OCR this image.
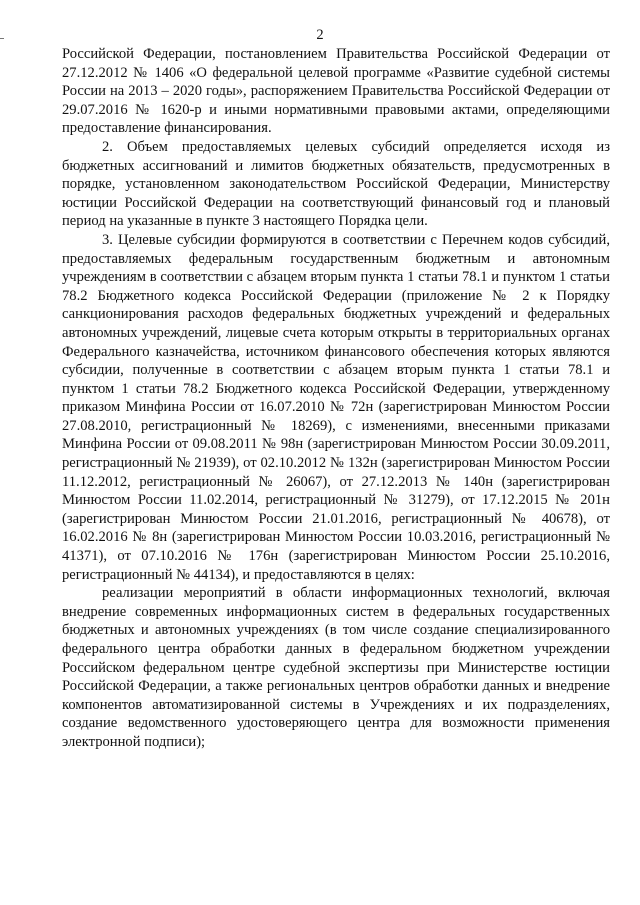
2

Российской Федерации, постановлением Правительства Российской Федерации от 27.12.2012 № 1406 «О федеральной целевой программе «Развитие судебной системы России на 2013 – 2020 годы», распоряжением Правительства Российской Федерации от 29.07.2016 № 1620-р и иными нормативными правовыми актами, определяющими предоставление финансирования.

2. Объем предоставляемых целевых субсидий определяется исходя из бюджетных ассигнований и лимитов бюджетных обязательств, предусмотренных в порядке, установленном законодательством Российской Федерации, Министерству юстиции Российской Федерации на соответствующий финансовый год и плановый период на указанные в пункте 3 настоящего Порядка цели.

3. Целевые субсидии формируются в соответствии с Перечнем кодов субсидий, предоставляемых федеральным государственным бюджетным и автономным учреждениям в соответствии с абзацем вторым пункта 1 статьи 78.1 и пунктом 1 статьи 78.2 Бюджетного кодекса Российской Федерации (приложение № 2 к Порядку санкционирования расходов федеральных бюджетных учреждений и федеральных автономных учреждений, лицевые счета которым открыты в территориальных органах Федерального казначейства, источником финансового обеспечения которых являются субсидии, полученные в соответствии с абзацем вторым пункта 1 статьи 78.1 и пунктом 1 статьи 78.2 Бюджетного кодекса Российской Федерации, утвержденному приказом Минфина России от 16.07.2010 № 72н (зарегистрирован Минюстом России 27.08.2010, регистрационный № 18269), с изменениями, внесенными приказами Минфина России от 09.08.2011 № 98н (зарегистрирован Минюстом России 30.09.2011, регистрационный № 21939), от 02.10.2012 № 132н (зарегистрирован Минюстом России 11.12.2012, регистрационный № 26067), от 27.12.2013 № 140н (зарегистрирован Минюстом России 11.02.2014, регистрационный № 31279), от 17.12.2015 № 201н (зарегистрирован Минюстом России 21.01.2016, регистрационный № 40678), от 16.02.2016 № 8н (зарегистрирован Минюстом России 10.03.2016, регистрационный № 41371), от 07.10.2016 № 176н (зарегистрирован Минюстом России 25.10.2016, регистрационный № 44134), и предоставляются в целях:

реализации мероприятий в области информационных технологий, включая внедрение современных информационных систем в федеральных государственных бюджетных и автономных учреждениях (в том числе создание специализированного федерального центра обработки данных в федеральном бюджетном учреждении Российском федеральном центре судебной экспертизы при Министерстве юстиции Российской Федерации, а также региональных центров обработки данных и внедрение компонентов автоматизированной системы в Учреждениях и их подразделениях, создание ведомственного удостоверяющего центра для возможности применения электронной подписи);
